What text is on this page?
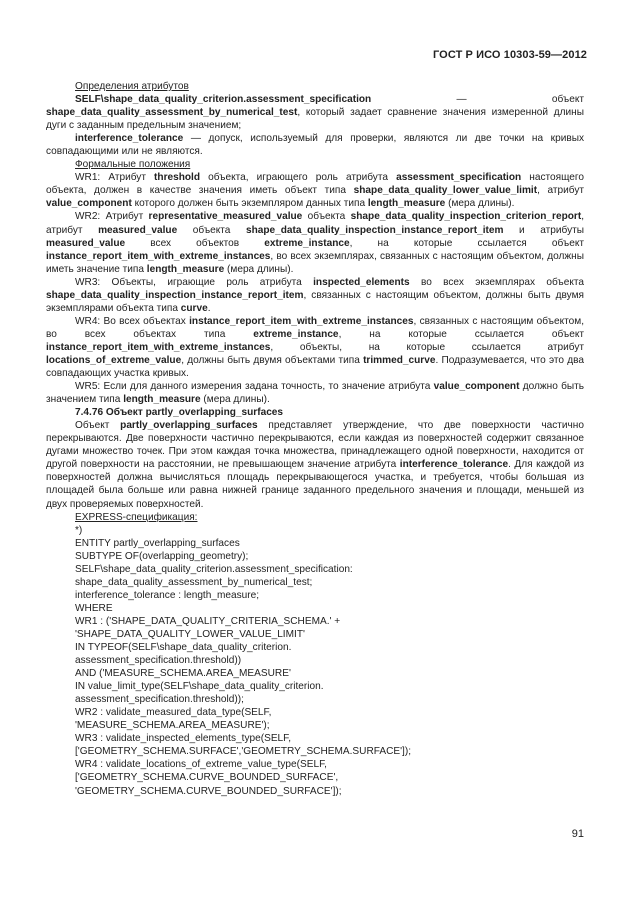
ГОСТ Р ИСО 10303-59—2012

Определения атрибутов

SELF\shape_data_quality_criterion.assessment_specification — объект shape_data_quality_assessment_by_numerical_test, который задает сравнение значения измеренной длины дуги с заданным предельным значением;

interference_tolerance — допуск, используемый для проверки, являются ли две точки на кривых совпадающими или не являются.

Формальные положения

WR1: Атрибут threshold объекта, играющего роль атрибута assessment_specification настоящего объекта, должен в качестве значения иметь объект типа shape_data_quality_lower_value_limit, атрибут value_component которого должен быть экземпляром данных типа length_measure (мера длины).

WR2: Атрибут representative_measured_value объекта shape_data_quality_inspection_criterion_report, атрибут measured_value объекта shape_data_quality_inspection_instance_report_item и атрибуты measured_value всех объектов extreme_instance, на которые ссылается объект instance_report_item_with_extreme_instances, во всех экземплярах, связанных с настоящим объектом, должны иметь значение типа length_measure (мера длины).

WR3: Объекты, играющие роль атрибута inspected_elements во всех экземплярах объекта shape_data_quality_inspection_instance_report_item, связанных с настоящим объектом, должны быть двумя экземплярами объекта типа curve.

WR4: Во всех объектах instance_report_item_with_extreme_instances, связанных с настоящим объектом, во всех объектах типа extreme_instance, на которые ссылается объект instance_report_item_with_extreme_instances, объекты, на которые ссылается атрибут locations_of_extreme_value, должны быть двумя объектами типа trimmed_curve. Подразумевается, что это два совпадающих участка кривых.

WR5: Если для данного измерения задана точность, то значение атрибута value_component должно быть значением типа length_measure (мера длины).

7.4.76 Объект partly_overlapping_surfaces

Объект partly_overlapping_surfaces представляет утверждение, что две поверхности частично перекрываются. Две поверхности частично перекрываются, если каждая из поверхностей содержит связанное дугами множество точек. При этом каждая точка множества, принадлежащего одной поверхности, находится от другой поверхности на расстоянии, не превышающем значение атрибута interference_tolerance. Для каждой из поверхностей должна вычисляться площадь перекрывающегося участка, и требуется, чтобы большая из площадей была больше или равна нижней границе заданного предельного значения и площади, меньшей из двух проверяемых поверхностей.

EXPRESS-спецификация:

*)

ENTITY partly_overlapping_surfaces

SUBTYPE OF(overlapping_geometry);

SELF\shape_data_quality_criterion.assessment_specification:

shape_data_quality_assessment_by_numerical_test;

interference_tolerance : length_measure;

WHERE

WR1 : ('SHAPE_DATA_QUALITY_CRITERIA_SCHEMA.' +

'SHAPE_DATA_QUALITY_LOWER_VALUE_LIMIT'

IN TYPEOF(SELF\shape_data_quality_criterion.

assessment_specification.threshold))

AND ('MEASURE_SCHEMA.AREA_MEASURE'

IN value_limit_type(SELF\shape_data_quality_criterion.

assessment_specification.threshold));

WR2 : validate_measured_data_type(SELF,

'MEASURE_SCHEMA.AREA_MEASURE');

WR3 : validate_inspected_elements_type(SELF,

['GEOMETRY_SCHEMA.SURFACE','GEOMETRY_SCHEMA.SURFACE']);

WR4 : validate_locations_of_extreme_value_type(SELF,

['GEOMETRY_SCHEMA.CURVE_BOUNDED_SURFACE',

'GEOMETRY_SCHEMA.CURVE_BOUNDED_SURFACE']);

91
